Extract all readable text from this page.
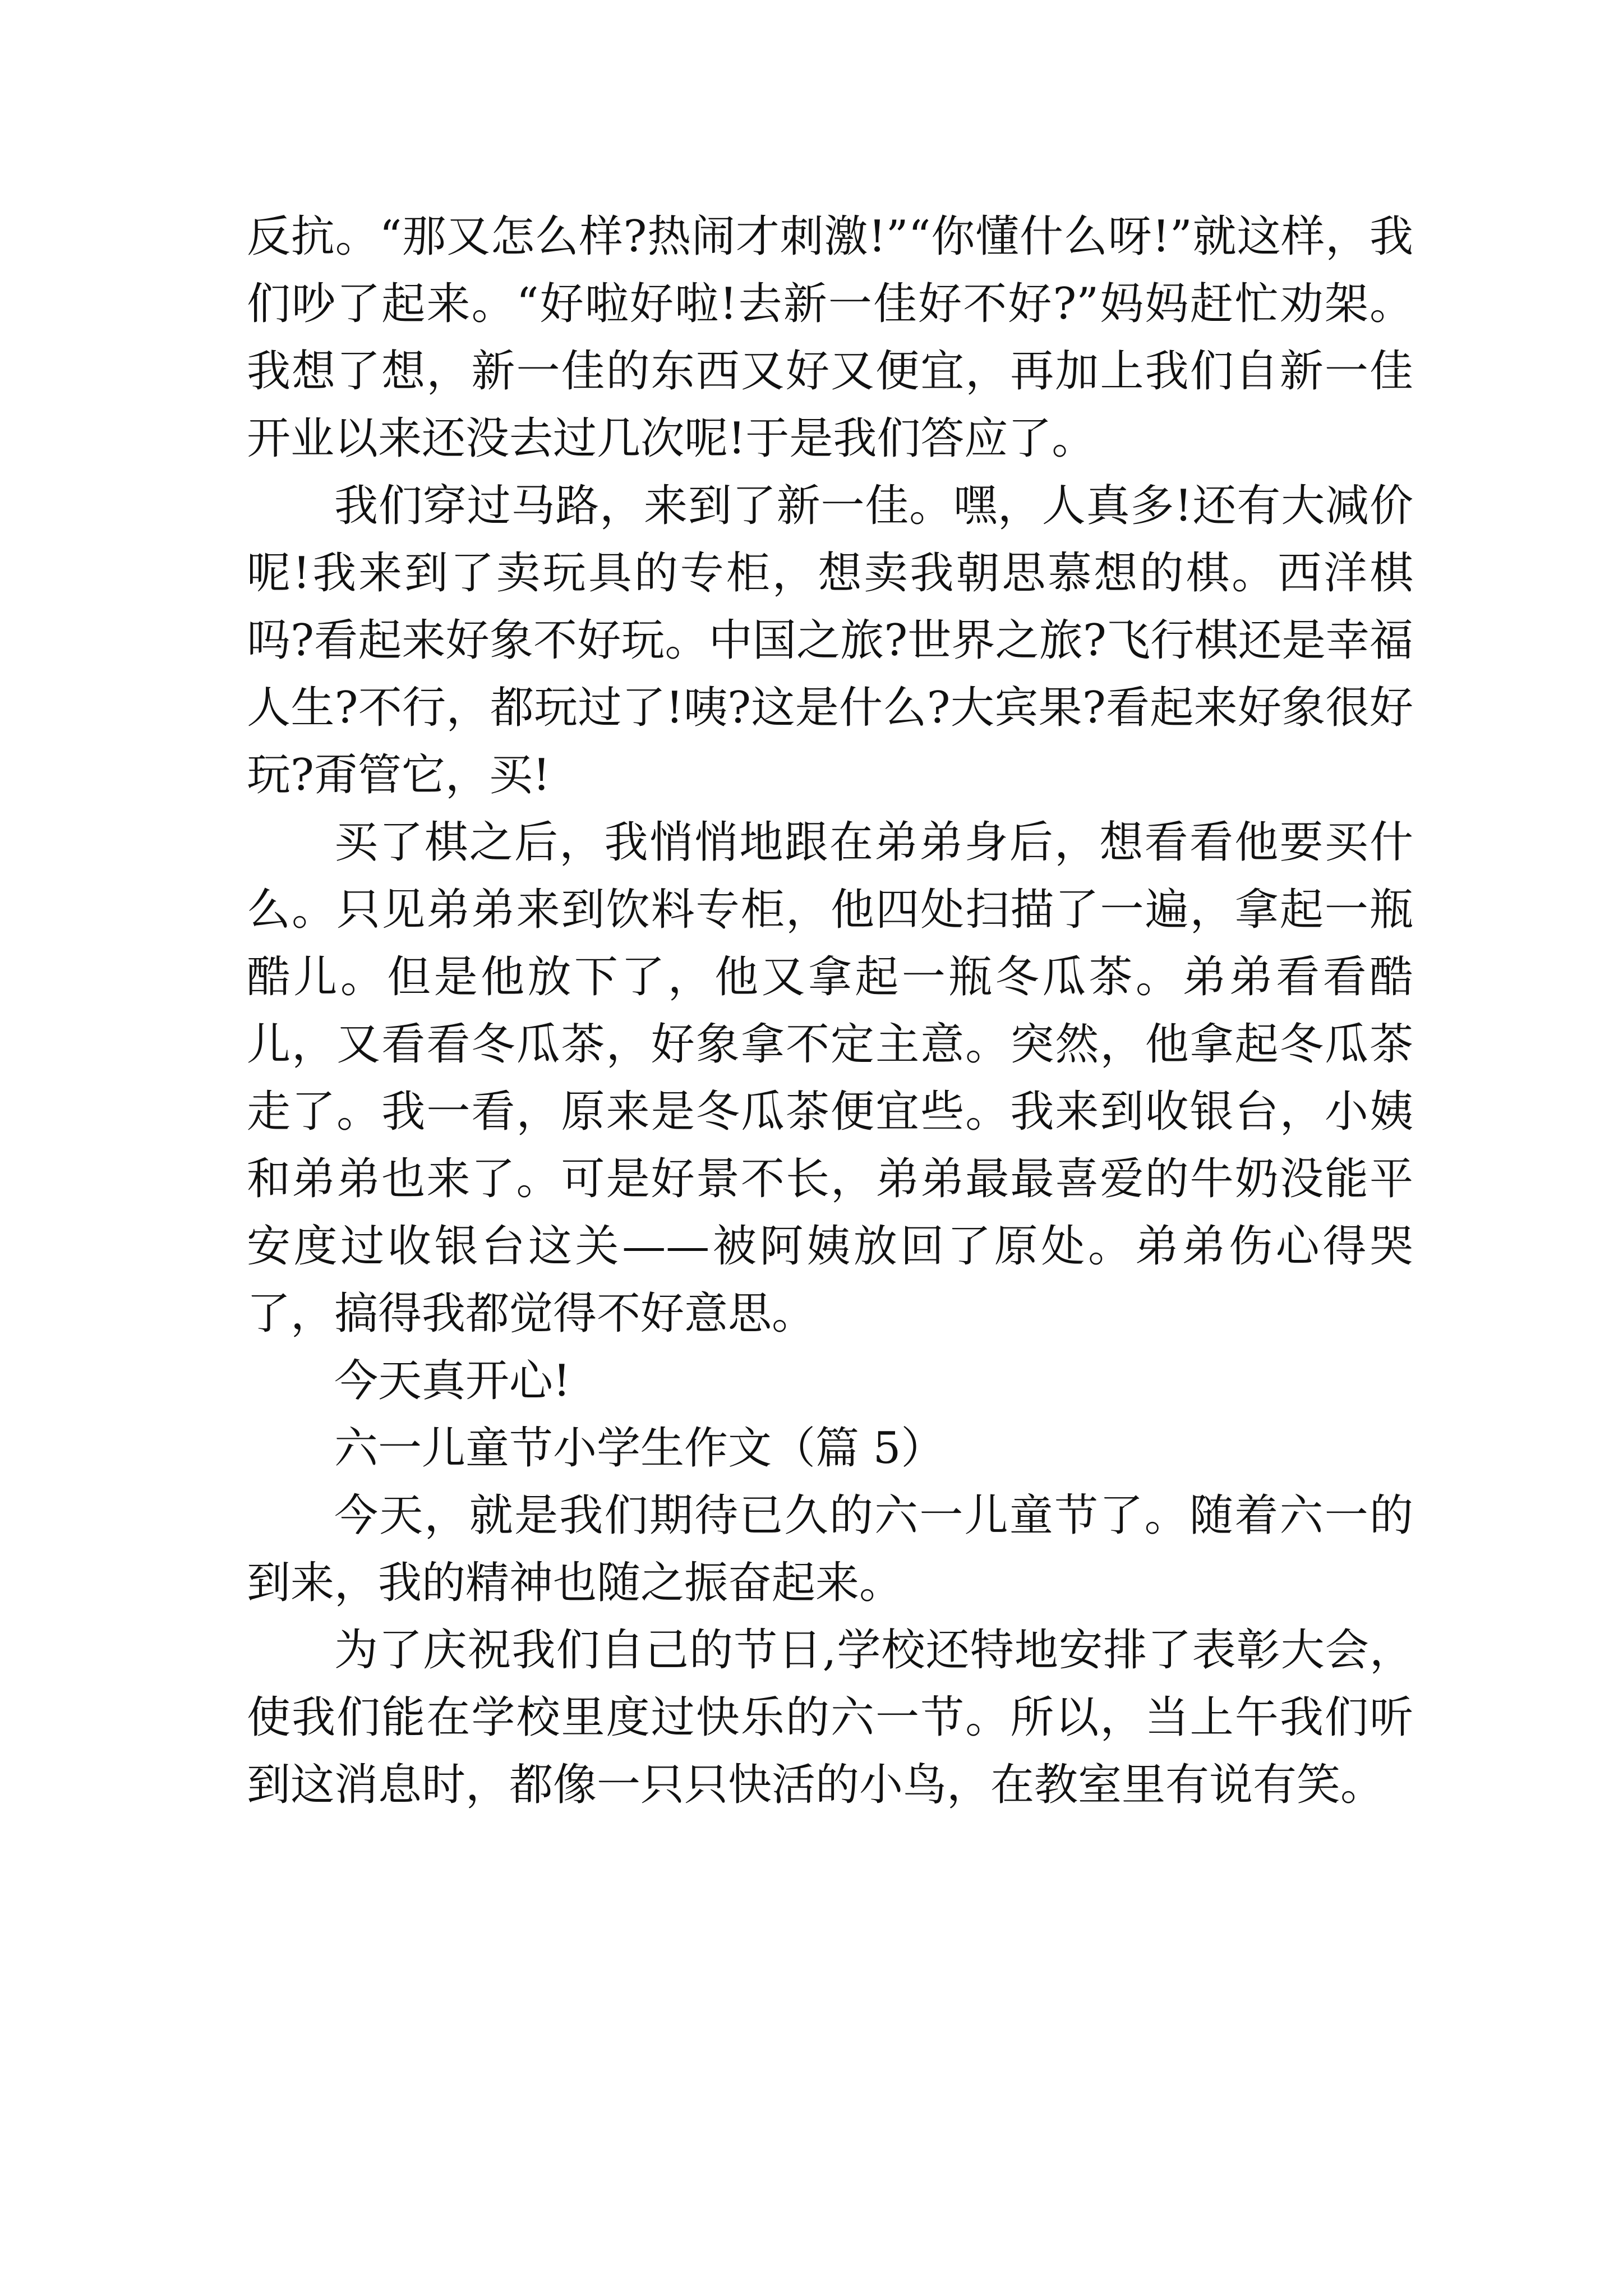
反抗。“那又怎么样?热闹才刺激!”“你懂什么呀!”就这样，我们吵了起来。“好啦好啦!去新一佳好不好?”妈妈赶忙劝架。我想了想，新一佳的东西又好又便宜，再加上我们自新一佳开业以来还没去过几次呢!于是我们答应了。

我们穿过马路，来到了新一佳。嘿，人真多!还有大减价呢!我来到了卖玩具的专柜，想卖我朝思慕想的棋。西洋棋吗?看起来好象不好玩。中国之旅?世界之旅?飞行棋还是幸福人生?不行，都玩过了!咦?这是什么?大宾果?看起来好象很好玩?甭管它，买!

买了棋之后，我悄悄地跟在弟弟身后，想看看他要买什么。只见弟弟来到饮料专柜，他四处扫描了一遍，拿起一瓶酷儿。但是他放下了，他又拿起一瓶冬瓜茶。弟弟看看酷儿，又看看冬瓜茶，好象拿不定主意。突然，他拿起冬瓜茶走了。我一看，原来是冬瓜茶便宜些。我来到收银台，小姨和弟弟也来了。可是好景不长，弟弟最最喜爱的牛奶没能平安度过收银台这关——被阿姨放回了原处。弟弟伤心得哭了，搞得我都觉得不好意思。

今天真开心!

六一儿童节小学生作文（篇 5）

今天，就是我们期待已久的六一儿童节了。随着六一的到来，我的精神也随之振奋起来。

为了庆祝我们自己的节日,学校还特地安排了表彰大会，使我们能在学校里度过快乐的六一节。所以，当上午我们听到这消息时，都像一只只快活的小鸟，在教室里有说有笑。
